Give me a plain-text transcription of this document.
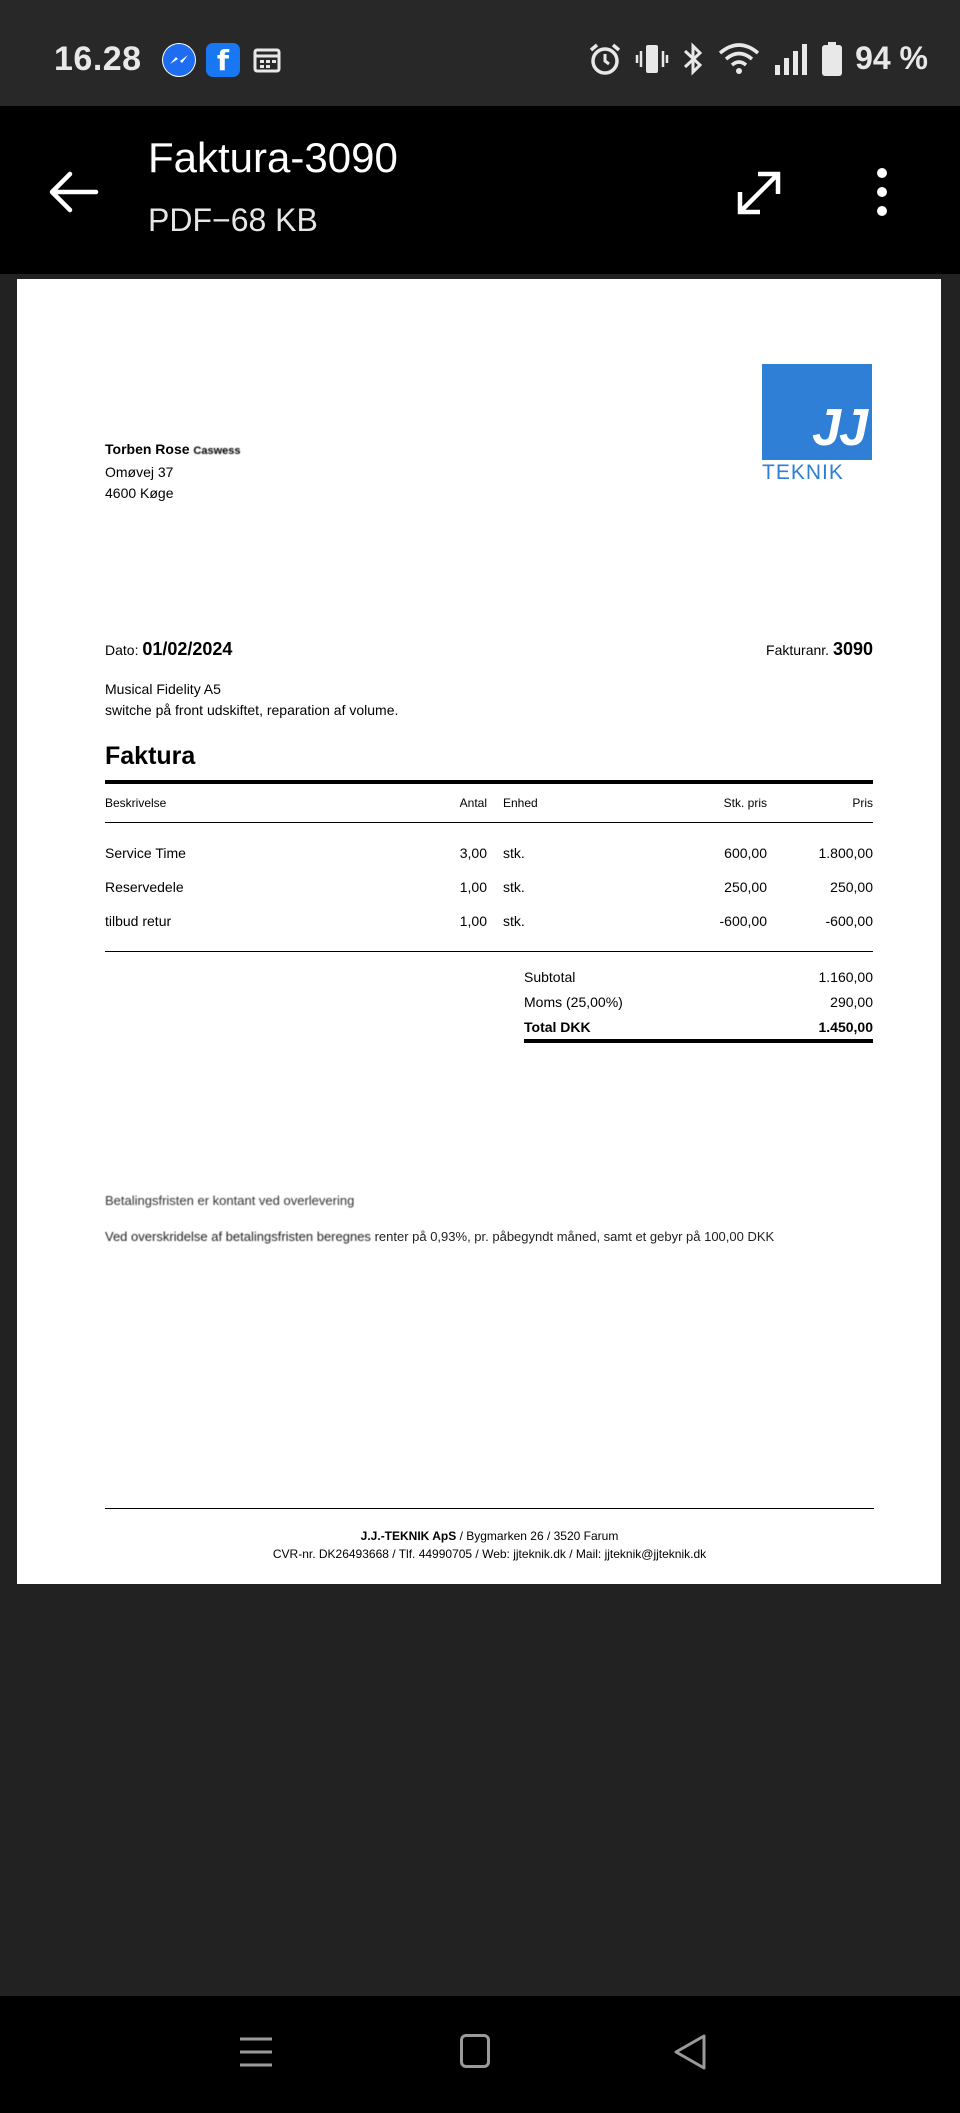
16.28	f	94 %
Faktura-3090
PDF−68 KB
Torben Rose Caswess
Omøvej 37
4600 Køge
JJ
TEKNIK
Dato: 01/02/2024	Fakturanr. 3090
Musical Fidelity A5
switche på front udskiftet, reparation af volume.
Faktura
Beskrivelse	Antal Enhed	Stk. pris	Pris
Service Time	3,00 stk.	600,00	1.800,00
Reservedele	1,00 stk.	250,00	250,00
tilbud retur	1,00 stk.	-600,00	-600,00
Subtotal	1.160,00
Moms (25,00%)	290,00
Total DKK	1.450,00
Betalingsfristen er kontant ved overlevering
Ved overskridelse af betalingsfristen beregnes renter på 0,93%, pr. påbegyndt måned, samt et gebyr på 100,00 DKK
J.J.-TEKNIK ApS / Bygmarken 26 / 3520 Farum
CVR-nr. DK26493668 / Tlf. 44990705 / Web: jjteknik.dk / Mail: jjteknik@jjteknik.dk
